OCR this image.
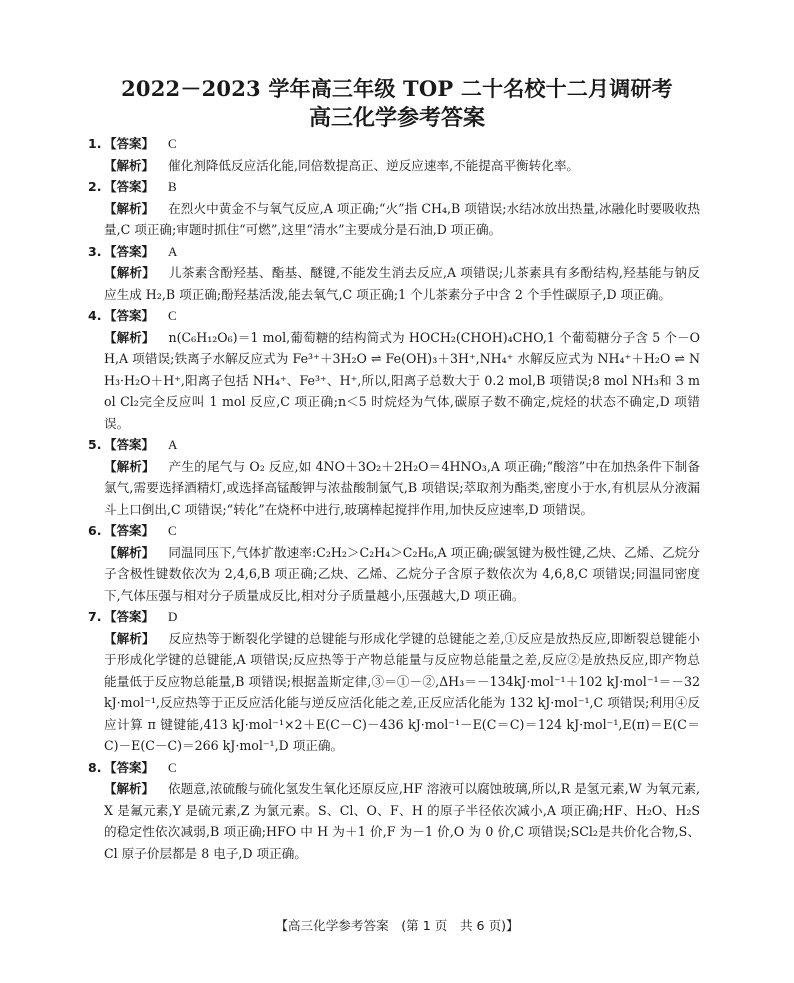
2022－2023 学年高三年级 TOP 二十名校十二月调研考
高三化学参考答案
1. 【答案】 C
【解析】 催化剂降低反应活化能,同倍数提高正、逆反应速率,不能提高平衡转化率。
2. 【答案】 B
【解析】 在烈火中黄金不与氧气反应,A 项正确;“火”指 CH₄,B 项错误;水结冰放出热量,冰融化时要吸收热量,C 项正确;审题时抓住“可燃”,这里“清水”主要成分是石油,D 项正确。
3. 【答案】 A
【解析】 儿茶素含酚羟基、酯基、醚键,不能发生消去反应,A 项错误;儿茶素具有多酚结构,羟基能与钠反应生成 H₂,B 项正确;酚羟基活泼,能去氧气,C 项正确;1 个儿茶素分子中含 2 个手性碳原子,D 项正确。
4. 【答案】 C
【解析】 n(C₆H₁₂O₆)＝1 mol,葡萄糖的结构简式为 HOCH₂(CHOH)₄CHO,1 个葡萄糖分子含 5 个－OH,A 项错误;铁离子水解反应式为 Fe³⁺＋3H₂O ⇌ Fe(OH)₃＋3H⁺,NH₄⁺ 水解反应式为 NH₄⁺＋H₂O ⇌ NH₃·H₂O＋H⁺,阳离子包括 NH₄⁺、Fe³⁺、H⁺,所以,阳离子总数大于 0.2 mol,B 项错误;8 mol NH₃和 3 mol Cl₂完全反应叫 1 mol 反应,C 项正确;n＜5 时烷烃为气体,碳原子数不确定,烷烃的状态不确定,D 项错误。
5. 【答案】 A
【解析】 产生的尾气与 O₂ 反应,如 4NO＋3O₂＋2H₂O＝4HNO₃,A 项正确;“酸溶”中在加热条件下制备氯气,需要选择酒精灯,或选择高锰酸钾与浓盐酸制氯气,B 项错误;萃取剂为酯类,密度小于水,有机层从分液漏斗上口倒出,C 项错误;“转化”在烧杯中进行,玻璃棒起搅拌作用,加快反应速率,D 项错误。
6. 【答案】 C
【解析】 同温同压下,气体扩散速率:C₂H₂＞C₂H₄＞C₂H₆,A 项正确;碳氢键为极性键,乙炔、乙烯、乙烷分子含极性键数依次为 2,4,6,B 项正确;乙炔、乙烯、乙烷分子含原子数依次为 4,6,8,C 项错误;同温同密度下,气体压强与相对分子质量成反比,相对分子质量越小,压强越大,D 项正确。
7. 【答案】 D
【解析】 反应热等于断裂化学键的总键能与形成化学键的总键能之差,①反应是放热反应,即断裂总键能小于形成化学键的总键能,A 项错误;反应热等于产物总能量与反应物总能量之差,反应②是放热反应,即产物总能量低于反应物总能量,B 项错误;根据盖斯定律,③＝①－②,ΔH₃＝－134kJ·mol⁻¹＋102 kJ·mol⁻¹＝－32 kJ·mol⁻¹,反应热等于正反应活化能与逆反应活化能之差,正反应活化能为 132 kJ·mol⁻¹,C 项错误;利用④反应计算 π 键键能,413 kJ·mol⁻¹×2＋E(C－C)－436 kJ·mol⁻¹－E(C＝C)＝124 kJ·mol⁻¹,E(π)＝E(C＝C)－E(C－C)＝266 kJ·mol⁻¹,D 项正确。
8. 【答案】 C
【解析】 依题意,浓硫酸与硫化氢发生氧化还原反应,HF 溶液可以腐蚀玻璃,所以,R 是氢元素,W 为氧元素,X 是氟元素,Y 是硫元素,Z 为氯元素。S、Cl、O、F、H 的原子半径依次减小,A 项正确;HF、H₂O、H₂S 的稳定性依次减弱,B 项正确;HFO 中 H 为＋1 价,F 为－1 价,O 为 0 价,C 项错误;SCl₂是共价化合物,S、Cl 原子价层都是 8 电子,D 项正确。
【高三化学参考答案　(第 1 页　共 6 页)】
